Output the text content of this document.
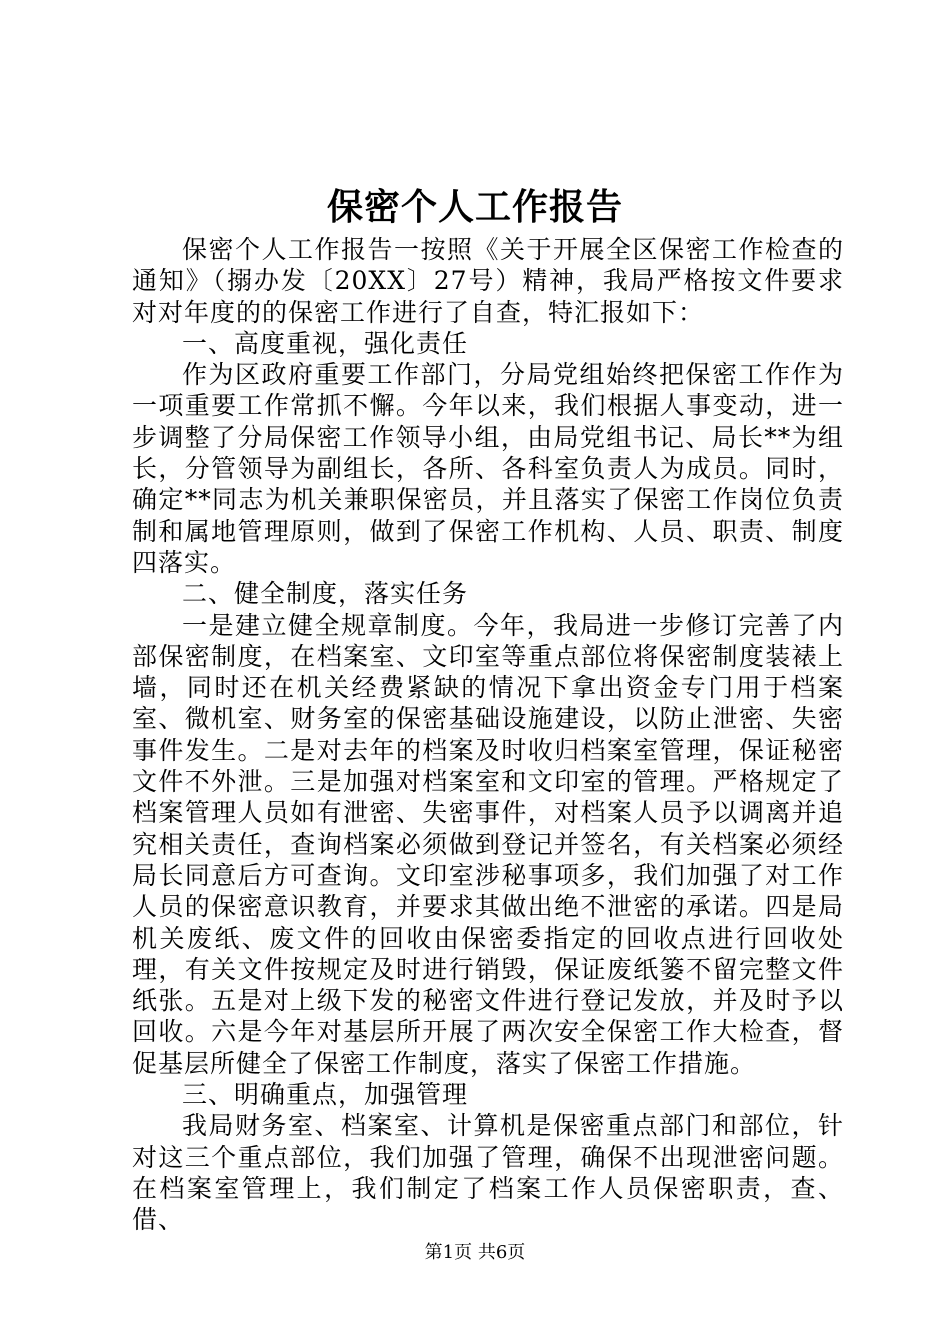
保密个人工作报告

保密个人工作报告一按照《关于开展全区保密工作检查的通知》（搦办发〔20XX〕27号）精神，我局严格按文件要求对对年度的的保密工作进行了自查，特汇报如下：

一、高度重视，强化责任

作为区政府重要工作部门，分局党组始终把保密工作作为一项重要工作常抓不懈。今年以来，我们根据人事变动，进一步调整了分局保密工作领导小组，由局党组书记、局长**为组长，分管领导为副组长，各所、各科室负责人为成员。同时，确定**同志为机关兼职保密员，并且落实了保密工作岗位负责制和属地管理原则，做到了保密工作机构、人员、职责、制度四落实。

二、健全制度，落实任务

一是建立健全规章制度。今年，我局进一步修订完善了内部保密制度，在档案室、文印室等重点部位将保密制度装裱上墙，同时还在机关经费紧缺的情况下拿出资金专门用于档案室、微机室、财务室的保密基础设施建设，以防止泄密、失密事件发生。二是对去年的档案及时收归档案室管理，保证秘密文件不外泄。三是加强对档案室和文印室的管理。严格规定了档案管理人员如有泄密、失密事件，对档案人员予以调离并追究相关责任，查询档案必须做到登记并签名，有关档案必须经局长同意后方可查询。文印室涉秘事项多，我们加强了对工作人员的保密意识教育，并要求其做出绝不泄密的承诺。四是局机关废纸、废文件的回收由保密委指定的回收点进行回收处理，有关文件按规定及时进行销毁，保证废纸篓不留完整文件纸张。五是对上级下发的秘密文件进行登记发放，并及时予以回收。六是今年对基层所开展了两次安全保密工作大检查，督促基层所健全了保密工作制度，落实了保密工作措施。

三、明确重点，加强管理

我局财务室、档案室、计算机是保密重点部门和部位，针对这三个重点部位，我们加强了管理，确保不出现泄密问题。在档案室管理上，我们制定了档案工作人员保密职责，查、借、

第1页 共6页
